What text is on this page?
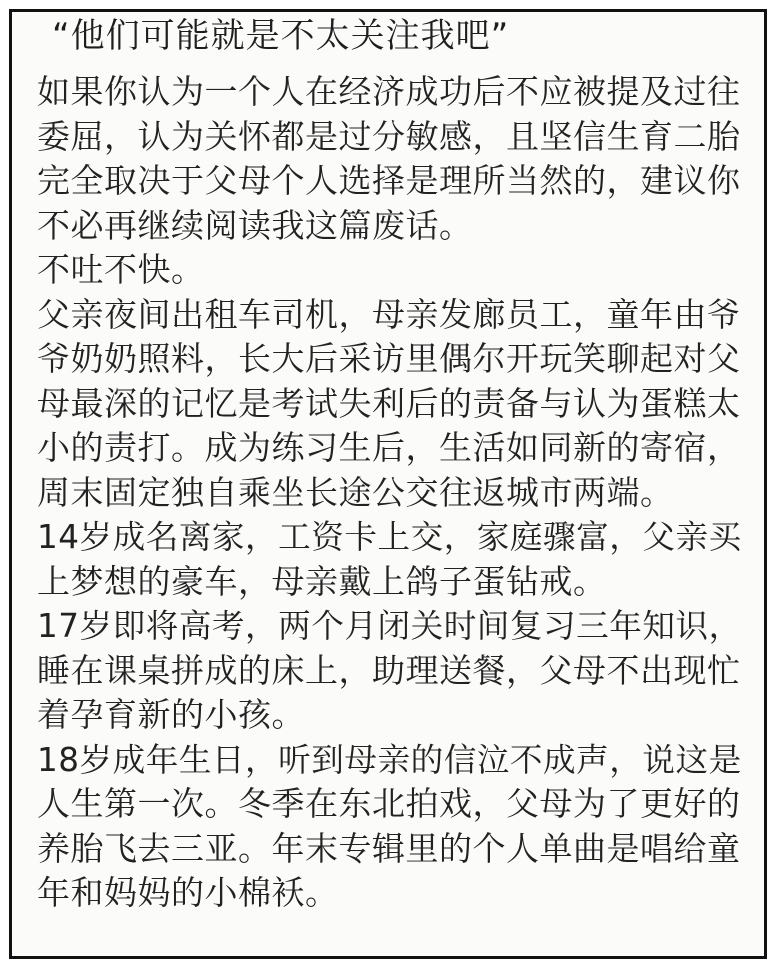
“他们可能就是不太关注我吧”
如果你认为一个人在经济成功后不应被提及过往
委屈，认为关怀都是过分敏感，且坚信生育二胎
完全取决于父母个人选择是理所当然的，建议你
不必再继续阅读我这篇废话。
不吐不快。
父亲夜间出租车司机，母亲发廊员工，童年由爷
爷奶奶照料，长大后采访里偶尔开玩笑聊起对父
母最深的记忆是考试失利后的责备与认为蛋糕太
小的责打。成为练习生后，生活如同新的寄宿，
周末固定独自乘坐长途公交往返城市两端。
14岁成名离家，工资卡上交，家庭骤富，父亲买
上梦想的豪车，母亲戴上鸽子蛋钻戒。
17岁即将高考，两个月闭关时间复习三年知识，
睡在课桌拼成的床上，助理送餐，父母不出现忙
着孕育新的小孩。
18岁成年生日，听到母亲的信泣不成声，说这是
人生第一次。冬季在东北拍戏，父母为了更好的
养胎飞去三亚。年末专辑里的个人单曲是唱给童
年和妈妈的小棉袄。
